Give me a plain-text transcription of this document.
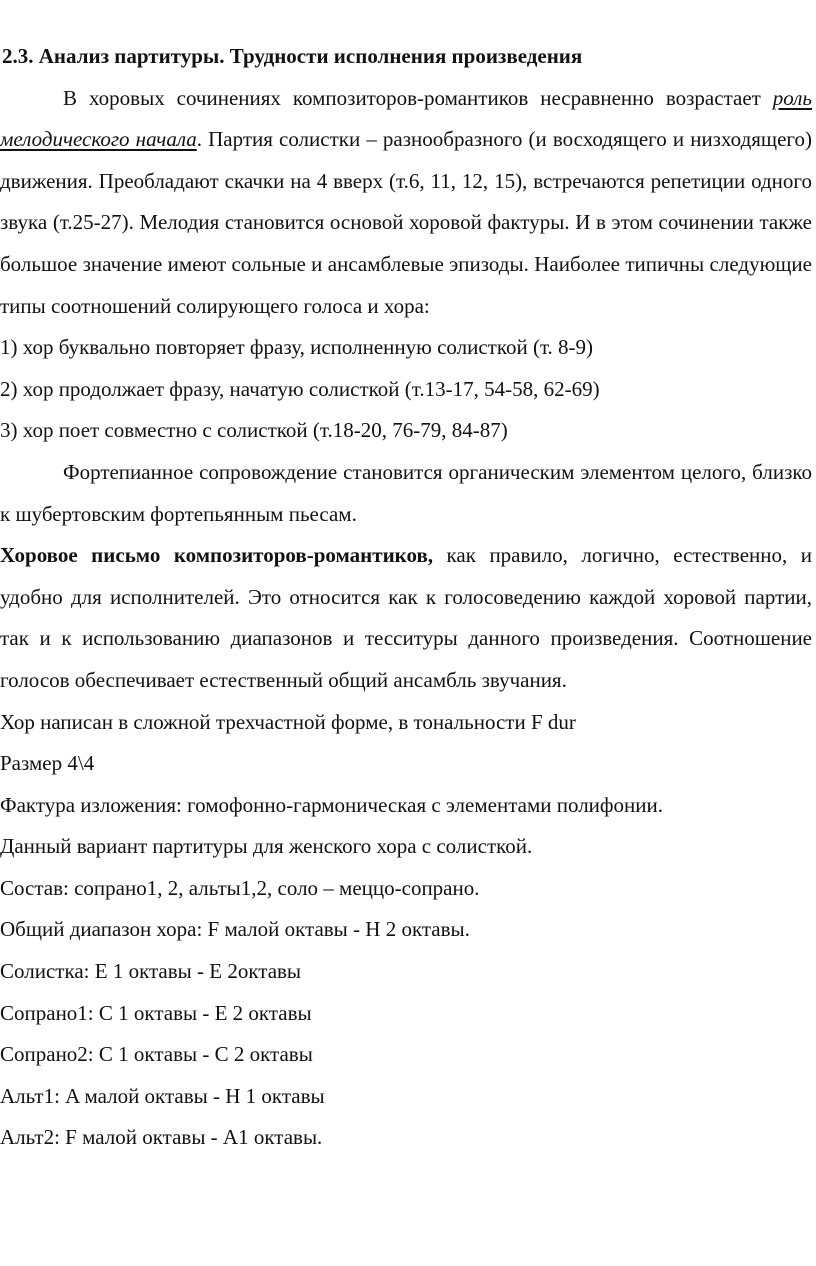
2.3. Анализ партитуры. Трудности исполнения произведения

В хоровых сочинениях композиторов-романтиков несравненно возрастает роль мелодического начала. Партия солистки – разнообразного (и восходящего и низходящего) движения. Преобладают скачки на 4 вверх (т.6, 11, 12, 15), встречаются репетиции одного звука (т.25-27). Мелодия становится основой хоровой фактуры. И в этом сочинении также большое значение имеют сольные и ансамблевые эпизоды. Наиболее типичны следующие типы соотношений солирующего голоса и хора:

1) хор буквально повторяет фразу, исполненную солисткой (т. 8-9)

2) хор продолжает фразу, начатую солисткой (т.13-17, 54-58, 62-69)

3) хор поет совместно с солисткой (т.18-20, 76-79, 84-87)

Фортепианное сопровождение становится органическим элементом целого, близко к шубертовским фортепьянным пьесам.

Хоровое письмо композиторов-романтиков, как правило, логично, естественно, и удобно для исполнителей. Это относится как к голосоведению каждой хоровой партии, так и к использованию диапазонов и тесситуры данного произведения. Соотношение голосов обеспечивает естественный общий ансамбль звучания.

Хор написан в сложной трехчастной форме, в тональности F dur

Размер 4\4

Фактура изложения: гомофонно-гармоническая с элементами полифонии.

Данный вариант партитуры для женского хора с солисткой.

Состав: сопрано1, 2, альты1,2, соло – меццо-сопрано.

Общий диапазон хора: F малой октавы - H 2 октавы.

Солистка: E 1 октавы - E 2октавы

Сопрано1: C 1 октавы - E 2 октавы

Сопрано2: C 1 октавы - C 2 октавы

Альт1: A малой октавы - H 1 октавы

Альт2: F малой октавы - A1 октавы.
